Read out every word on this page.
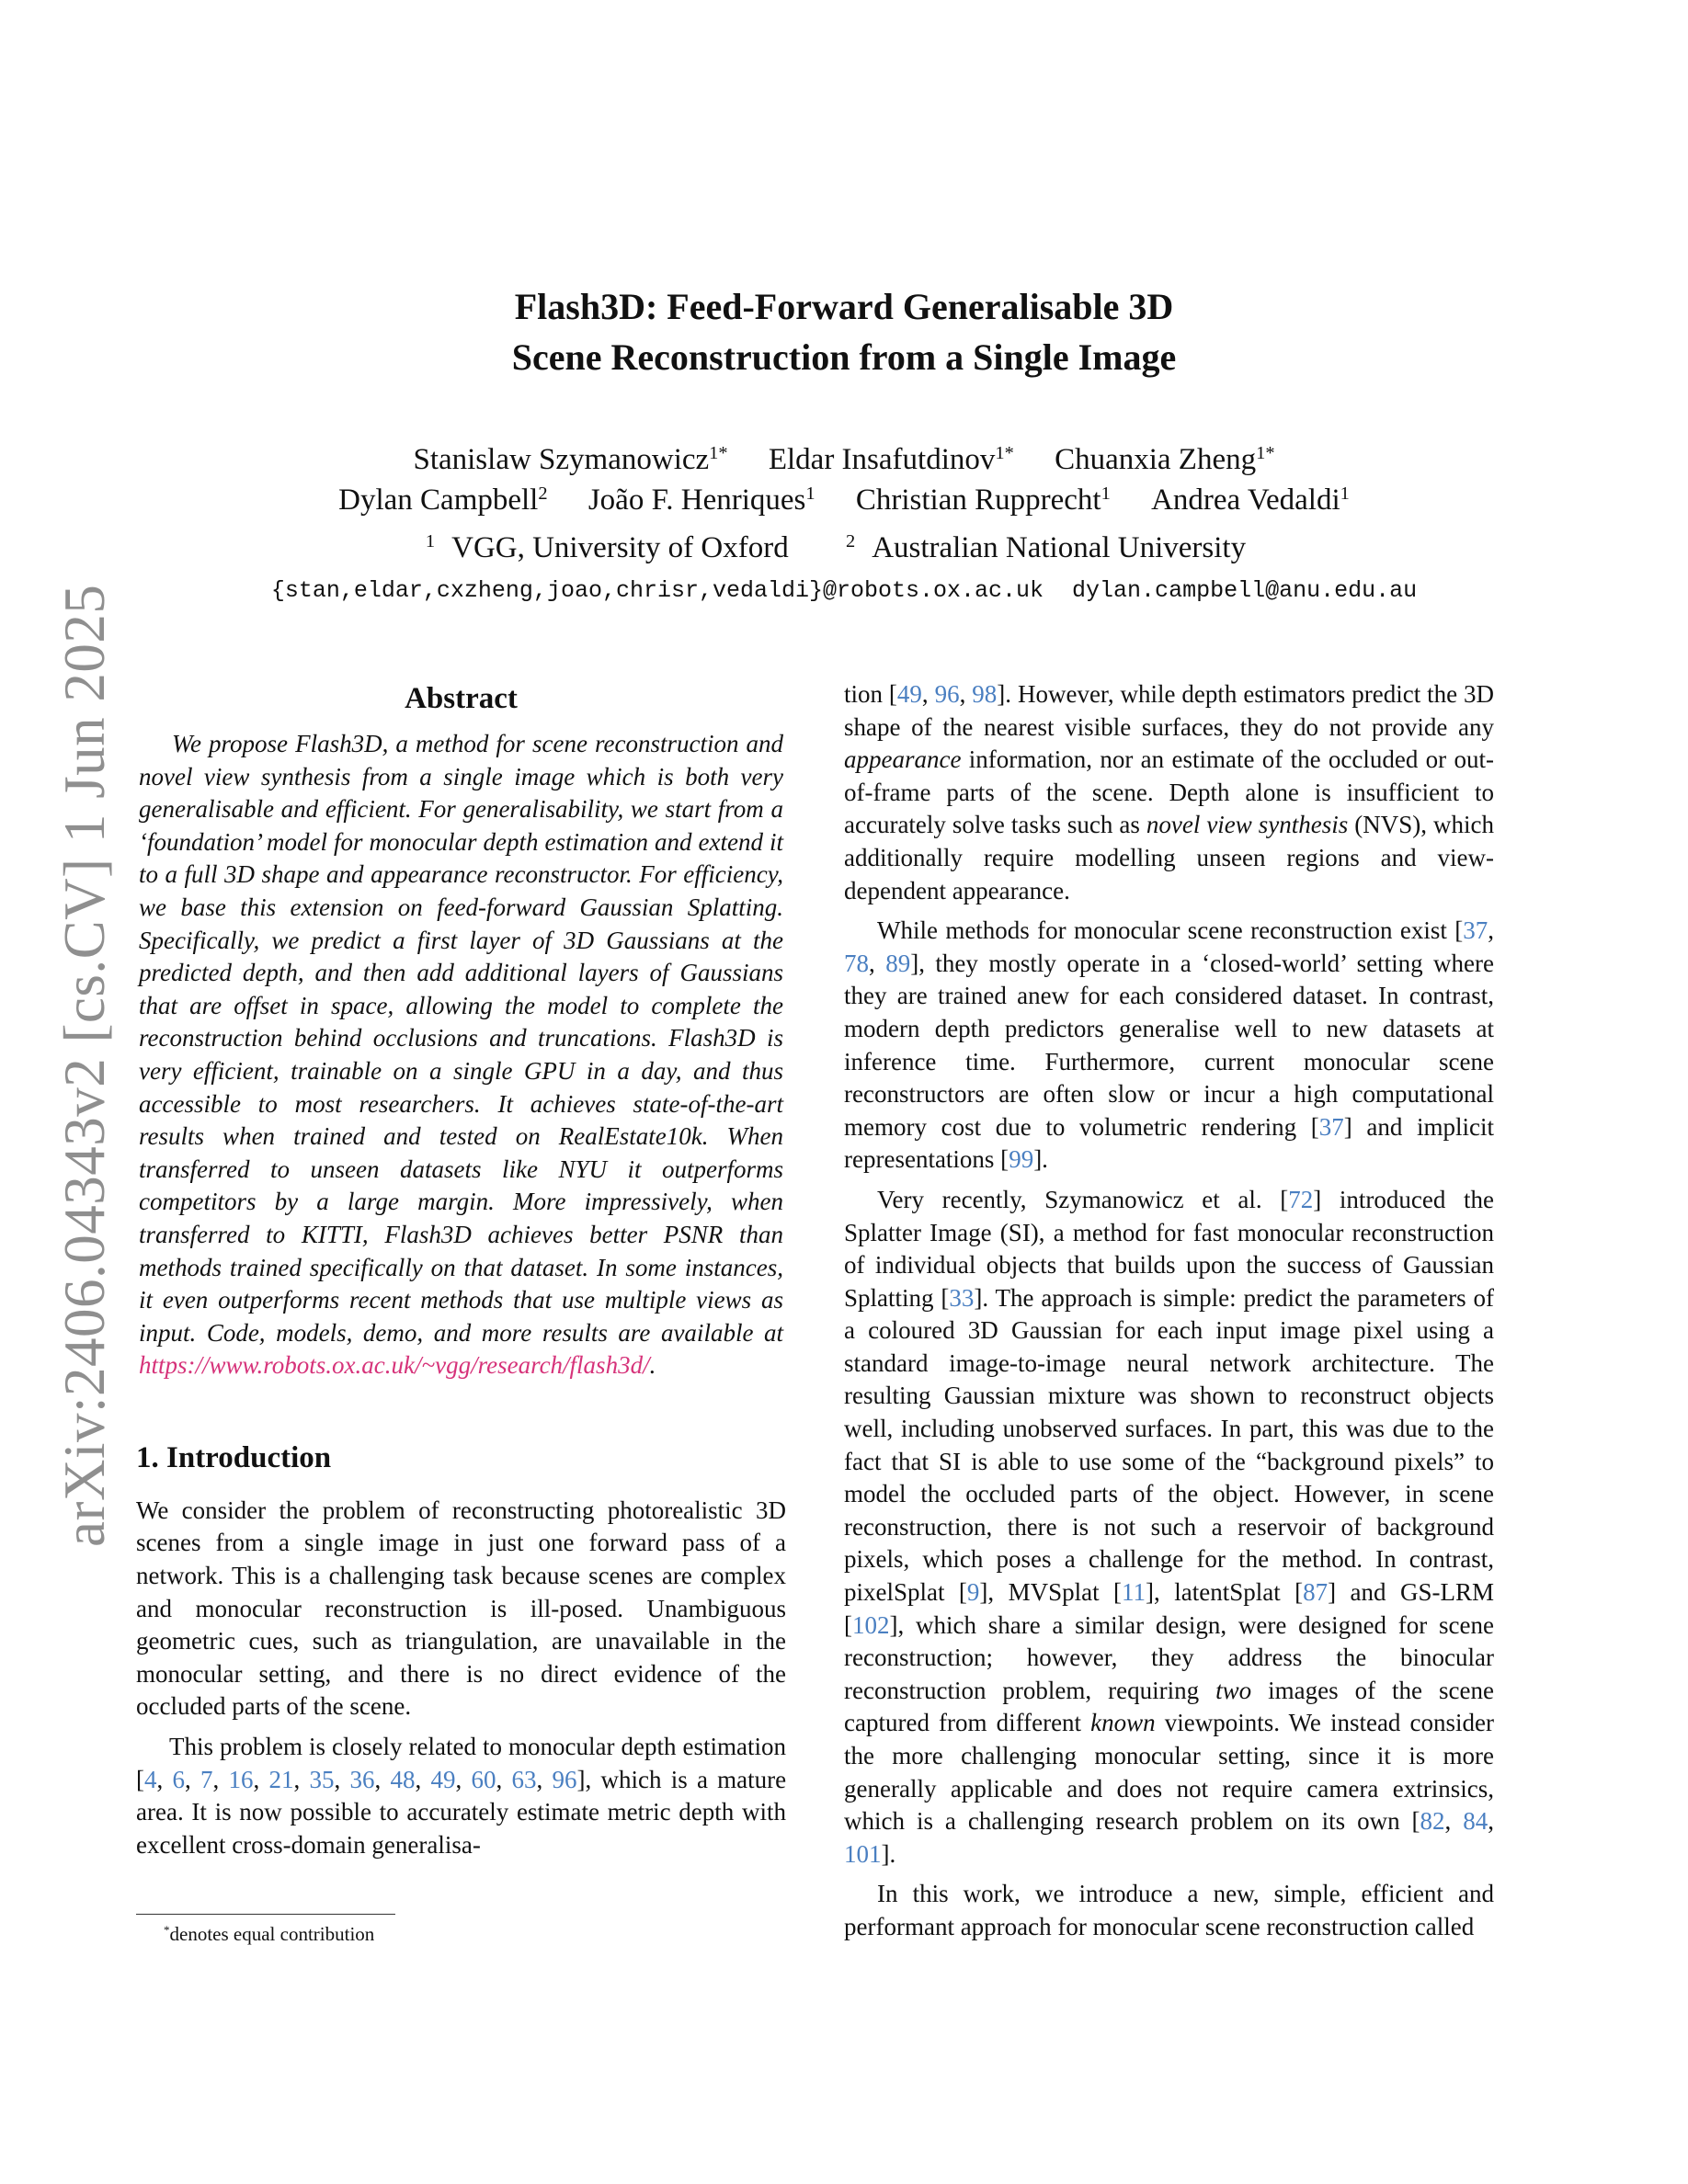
arXiv:2406.04343v2 [cs.CV] 1 Jun 2025
Flash3D: Feed-Forward Generalisable 3D
Scene Reconstruction from a Single Image
Stanislaw Szymanowicz$^{1*}$ Eldar Insafutdinov$^{1*}$ Chuanxia Zheng$^{1*}$
Dylan Campbell$^2$ João F. Henriques$^1$ Christian Rupprecht$^1$ Andrea Vedaldi$^1$
$^1$ VGG, University of Oxford	$^2$ Australian National University
{stan,eldar,cxzheng,joao,chrisr,vedaldi}@robots.ox.ac.uk dylan.campbell@anu.edu.au
Abstract

We propose Flash3D, a method for scene reconstruction and novel view synthesis from a single image which is both very generalisable and efficient. For generalisability, we start from a ‘foundation’ model for monocular depth estimation and extend it to a full 3D shape and appearance reconstructor. For efficiency, we base this extension on feed-forward Gaussian Splatting. Specifically, we predict a first layer of 3D Gaussians at the predicted depth, and then add additional layers of Gaussians that are offset in space, allowing the model to complete the reconstruction behind occlusions and truncations. Flash3D is very efficient, trainable on a single GPU in a day, and thus accessible to most researchers. It achieves state-of-the-art results when trained and tested on RealEstate10k. When transferred to unseen datasets like NYU it outperforms competitors by a large margin. More impressively, when transferred to KITTI, Flash3D achieves better PSNR than methods trained specifically on that dataset. In some instances, it even outperforms recent methods that use multiple views as input. Code, models, demo, and more results are available at https://www.robots.ox.ac.uk/~vgg/research/flash3d/.

1. Introduction

We consider the problem of reconstructing photorealistic 3D scenes from a single image in just one forward pass of a network. This is a challenging task because scenes are complex and monocular reconstruction is ill-posed. Unambiguous geometric cues, such as triangulation, are unavailable in the monocular setting, and there is no direct evidence of the occluded parts of the scene.

This problem is closely related to monocular depth estimation [4, 6, 7, 16, 21, 35, 36, 48, 49, 60, 63, 96], which is a mature area. It is now possible to accurately estimate metric depth with excellent cross-domain generalisa-

tion [49, 96, 98]. However, while depth estimators predict the 3D shape of the nearest visible surfaces, they do not provide any appearance information, nor an estimate of the occluded or out-of-frame parts of the scene. Depth alone is insufficient to accurately solve tasks such as novel view synthesis (NVS), which additionally require modelling unseen regions and view-dependent appearance.

While methods for monocular scene reconstruction exist [37, 78, 89], they mostly operate in a ‘closed-world’ setting where they are trained anew for each considered dataset. In contrast, modern depth predictors generalise well to new datasets at inference time. Furthermore, current monocular scene reconstructors are often slow or incur a high computational memory cost due to volumetric rendering [37] and implicit representations [99].

Very recently, Szymanowicz et al. [72] introduced the Splatter Image (SI), a method for fast monocular reconstruction of individual objects that builds upon the success of Gaussian Splatting [33]. The approach is simple: predict the parameters of a coloured 3D Gaussian for each input image pixel using a standard image-to-image neural network architecture. The resulting Gaussian mixture was shown to reconstruct objects well, including unobserved surfaces. In part, this was due to the fact that SI is able to use some of the “background pixels” to model the occluded parts of the object. However, in scene reconstruction, there is not such a reservoir of background pixels, which poses a challenge for the method. In contrast, pixelSplat [9], MVSplat [11], latentSplat [87] and GS-LRM [102], which share a similar design, were designed for scene reconstruction; however, they address the binocular reconstruction problem, requiring two images of the scene captured from different known viewpoints. We instead consider the more challenging monocular setting, since it is more generally applicable and does not require camera extrinsics, which is a challenging research problem on its own [82, 84, 101].

In this work, we introduce a new, simple, efficient and performant approach for monocular scene reconstruction called

*denotes equal contribution
